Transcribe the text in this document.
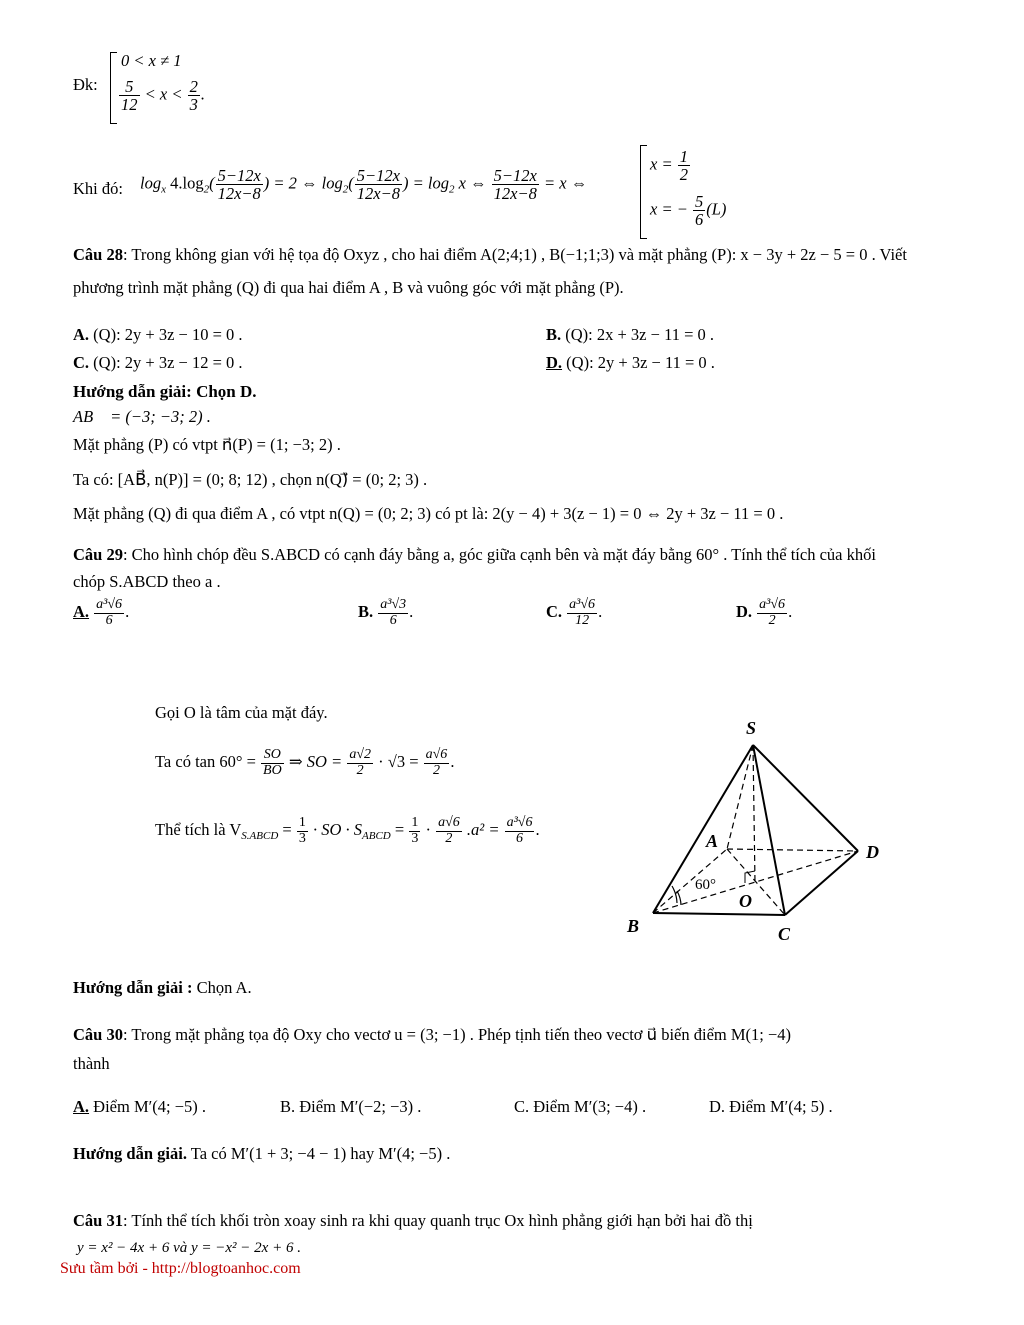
Đk:
0 < x ≠ 1
$\frac{5}{12} < x < \frac{2}{3}$ .
Khi đó: $\log_x 4.\log_2( \frac{5-12x}{12x-8}$ ) = 2 ⇔ $\log_2( \frac{5-12x}{12x-8}$ ) = $\log_2 x$ ⇔ $\frac{5-12x}{12x-8} = x$ ⇔
$x = \frac{1}{2}$
x = − $\frac{5}{6} (L)$
Câu 28: Trong không gian với hệ tọa độ Oxyz , cho hai điểm A(2;4;1) , B(−1;1;3) và mặt phẳng (P): x − 3y + 2z − 5 = 0 . Viết
phương trình mặt phẳng (Q) đi qua hai điểm A , B và vuông góc với mặt phẳng (P).
A. (Q): 2y + 3z − 10 = 0 .	B. (Q): 2x + 3z − 11 = 0 .
C. (Q): 2y + 3z − 12 = 0 .	D. (Q): 2y + 3z − 11 = 0 .
Hướng dẫn giải: Chọn D.
AB⃗ = (−3; −3; 2) .
Mặt phẳng (P) có vtpt n⃗(P) = (1; −3; 2) .
Ta có: [AB⃗, n(P)] = (0; 8; 12) , chọn n(Q)⃗ = (0; 2; 3) .
Mặt phẳng (Q) đi qua điểm A , có vtpt n(Q) = (0; 2; 3) có pt là: 2(y − 4) + 3(z − 1) = 0 ⇔ 2y + 3z − 11 = 0 .
Câu 29: Cho hình chóp đều S.ABCD có cạnh đáy bằng a, góc giữa cạnh bên và mặt đáy bằng 60° . Tính thể tích của khối
chóp S.ABCD theo a .
A. $\frac{\text{a³√6}}{6}$ .	B. $\frac{\text{a³√3}}{6}$ .	C. $\frac{\text{a³√6}}{12}$ .	D. $\frac{\text{a³√6}}{2}$ .
Gọi O là tâm của mặt đáy.
Ta có $\tan 60^\circ = \frac{SO}{BO}$ ⇒ SO = $\frac{a√2}{2} \cdot √3 = \frac{a√6}{2}$ .
Thể tích là $V_{S.ABCD} = \frac{1}{3}$ · SO · $S_{ABCD} = \frac{1}{3} \cdot \frac{a√6}{2} .a^2 = \frac{\text{a³√6}}{6}$ .
S
A
B	C
D
O
60°
Hướng dẫn giải : Chọn A.
Câu 30: Trong mặt phẳng tọa độ Oxy cho vectơ u = (3; −1) . Phép tịnh tiến theo vectơ u⃗ biến điểm M(1; −4)
thành
A. Điểm M′(4; −5) .	B. Điểm M′(−2; −3) .	C. Điểm M′(3; −4) .	D. Điểm M′(4; 5) .
Hướng dẫn giải. Ta có M′(1 + 3; −4 − 1) hay M′(4; −5) .
Câu 31: Tính thể tích khối tròn xoay sinh ra khi quay quanh trục Ox hình phẳng giới hạn bởi hai đồ thị
y = x² − 4x + 6 và y = −x² − 2x + 6 .
Sưu tầm bởi - http://blogtoanhoc.com
